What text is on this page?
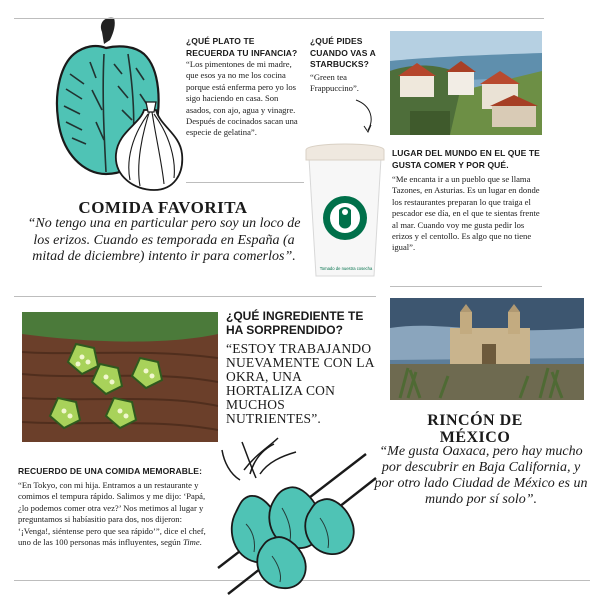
¿QUÉ PLATO TE RECUERDA TU INFANCIA?
“Los pimentones de mi madre, que esos ya no me los cocina porque está enferma pero yo los sigo haciendo en casa. Son asados, con ajo, agua y vinagre. Después de cocinados sacan una especie de gelatina”.
COMIDA FAVORITA
“No tengo una en particular pero soy un loco de los erizos. Cuando es temporada en España (a mitad de diciembre) intento ir para comerlos”.
¿QUÉ PIDES CUANDO VAS A STARBUCKS?
“Green tea Frappuccino”.
Tomado de nuestra cosecha
LUGAR DEL MUNDO EN EL QUE TE GUSTA COMER Y POR QUÉ.
“Me encanta ir a un pueblo que se llama Tazones, en Asturias. Es un lugar en donde los restaurantes preparan lo que traiga el pescador ese día, en el que te sientas frente al mar. Cuando voy me gusta pedir los erizos y el centollo. Es algo que no tiene igual”.
¿QUÉ INGREDIENTE TE HA SORPRENDIDO?
“ESTOY TRABAJANDO NUEVAMENTE CON LA OKRA, UNA HORTALIZA CON MUCHOS NUTRIENTES”.	RINCÓN DE MÉXICO
“Me gusta Oaxaca, pero hay mucho por descubrir en Baja California, y por otro lado Ciudad de México es un mundo por sí solo”.
RECUERDO DE UNA COMIDA MEMORABLE:
“En Tokyo, con mi hija. Entramos a un restaurante y comimos el tempura rápido. Salimos y me dijo: ‘Papá, ¿lo podemos comer otra vez?’ Nos metimos al lugar y preguntamos si habíasitio para dos, nos dijeron: ‘¡Venga!, siéntense pero que sea rápido’”, dice el chef, uno de las 100 personas más influyentes, según Time.
